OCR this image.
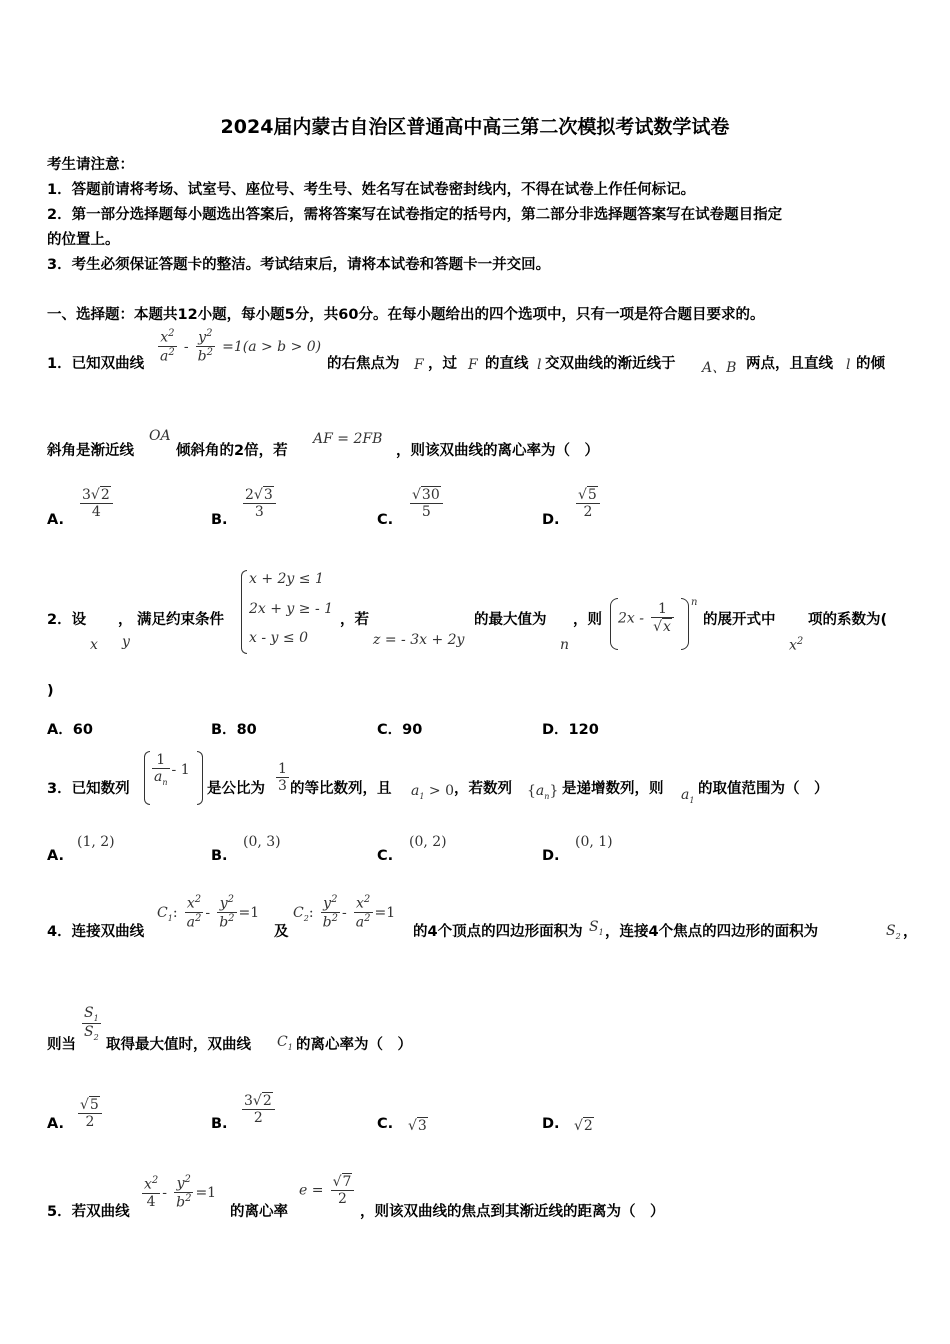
2024届内蒙古自治区普通高中高三第二次模拟考试数学试卷
考生请注意：
1．答题前请将考场、试室号、座位号、考生号、姓名写在试卷密封线内，不得在试卷上作任何标记。
2．第一部分选择题每小题选出答案后，需将答案写在试卷指定的括号内，第二部分非选择题答案写在试卷题目指定
的位置上。
3．考生必须保证答题卡的整洁。考试结束后，请将本试卷和答题卡一并交回。
一、选择题：本题共12小题，每小题5分，共60分。在每小题给出的四个选项中，只有一项是符合题目要求的。
1．已知双曲线 $\frac{x^2}{a^2} - \frac{y^2}{b^2} =1(a > b > 0)$
的右焦点为 F ，过 F 的直线 l 交双曲线的渐近线于 A、B 两点，且直线 l 的倾
斜角是渐近线
OA
倾斜角的2倍，若
AF = 2FB
，则该双曲线的离心率为（　）
A. $\frac{3√2}{4}$	B. $\frac{2√3}{3}$	C. $\frac{√30}{5}$	D. $\frac{√5}{2}$
2．设 ，
x y
满足约束条件
x + 2y ≤ 1
2x + y ≥ - 1
x - y ≤ 0
，若
z = - 3x + 2y
的最大值为
n
，则 $2x - \frac{1}{√x}$ n
的展开式中
$x^2$
项的系数为(
)
A．60	B．80	C．90	D．120
3．已知数列
$\frac{1}{a_n} - 1$
是公比为 $\frac{1}{3}$ 的等比数列，且 $a_1 > 0$ ，若数列 $\{a_n\}$ 是递增数列，则 $a_1$
的取值范围为（　）
A.
(1, 2)
B.
(0, 3)
C.
(0, 2)
D.
(0, 1)
4．连接双曲线
$C_1$: $\frac{x^2}{a^2} - \frac{y^2}{b^2} =1$
及
$C_2$: $\frac{y^2}{b^2} - \frac{x^2}{a^2} =1$
的4个顶点的四边形面积为 $S_1$ ，连接4个焦点的四边形的面积为	$S_2$ ，
则当
$\frac{S_1}{S_2}$
取得最大值时，双曲线 $C_1$ 的离心率为（　）
A. $\frac{√5}{2}$	B. $\frac{3√2}{2}$	C. √3	D. √2
5．若双曲线
$\frac{x^2}{4} - \frac{y^2}{b^2} =1$
的离心率
$e = \frac{√7}{2}$
，则该双曲线的焦点到其渐近线的距离为（　）
